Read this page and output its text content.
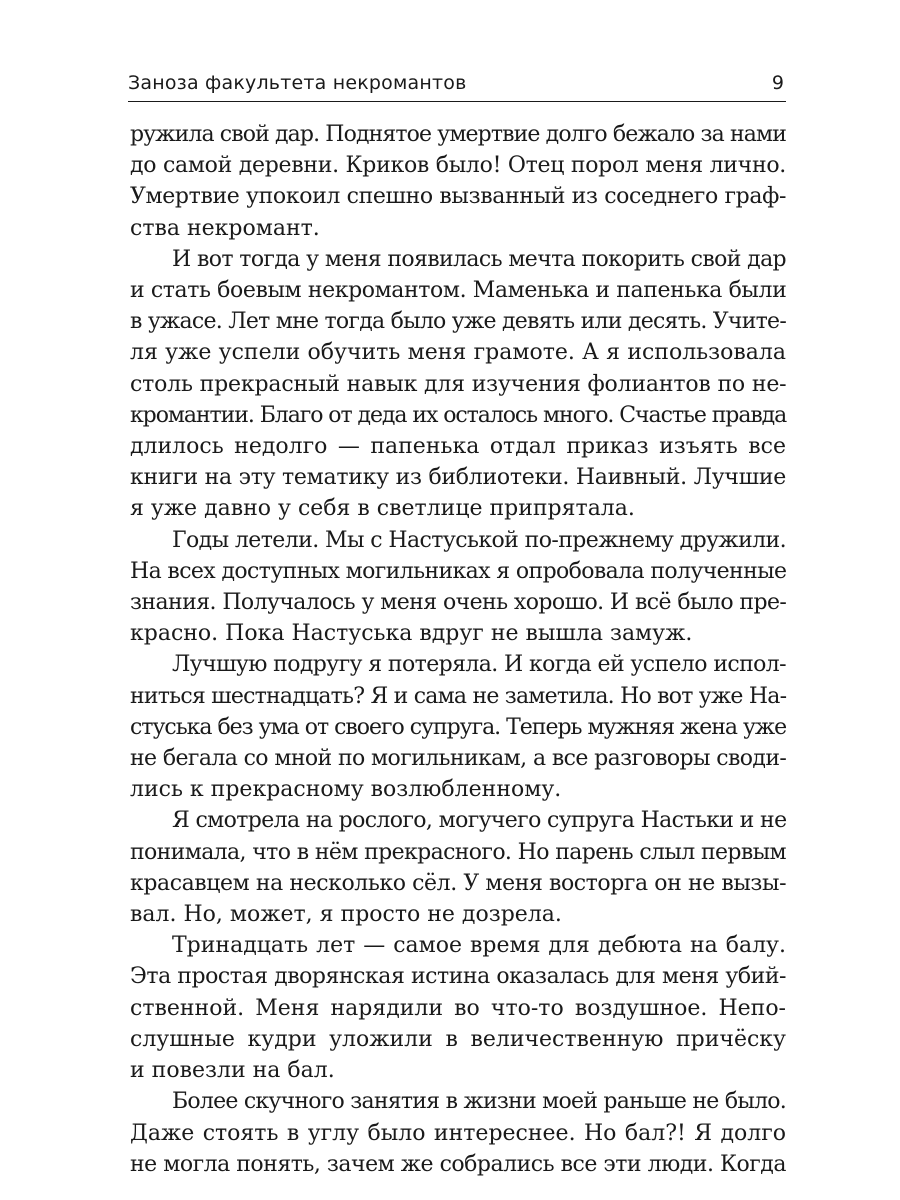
Заноза факультета некромантов	9
ружила свой дар. Поднятое умертвие долго бежало за нами
до самой деревни. Криков было! Отец порол меня лично.
Умертвие упокоил спешно вызванный из соседнего граф-
ства некромант.
И вот тогда у меня появилась мечта покорить свой дар
и стать боевым некромантом. Маменька и папенька были
в ужасе. Лет мне тогда было уже девять или десять. Учите-
ля уже успели обучить меня грамоте. А я использовала
столь прекрасный навык для изучения фолиантов по не-
кромантии. Благо от деда их осталось много. Счастье правда
длилось недолго — папенька отдал приказ изъять все
книги на эту тематику из библиотеки. Наивный. Лучшие
я уже давно у себя в светлице припрятала.
Годы летели. Мы с Настуськой по-прежнему дружили.
На всех доступных могильниках я опробовала полученные
знания. Получалось у меня очень хорошо. И всё было пре-
красно. Пока Настуська вдруг не вышла замуж.
Лучшую подругу я потеряла. И когда ей успело испол-
ниться шестнадцать? Я и сама не заметила. Но вот уже На-
стуська без ума от своего супруга. Теперь мужняя жена уже
не бегала со мной по могильникам, а все разговоры своди-
лись к прекрасному возлюбленному.
Я смотрела на рослого, могучего супруга Настьки и не
понимала, что в нём прекрасного. Но парень слыл первым
красавцем на несколько сёл. У меня восторга он не вызы-
вал. Но, может, я просто не дозрела.
Тринадцать лет — самое время для дебюта на балу.
Эта простая дворянская истина оказалась для меня убий-
ственной. Меня нарядили во что-то воздушное. Непо-
слушные кудри уложили в величественную причёску
и повезли на бал.
Более скучного занятия в жизни моей раньше не было.
Даже стоять в углу было интереснее. Но бал?! Я долго
не могла понять, зачем же собрались все эти люди. Когда
